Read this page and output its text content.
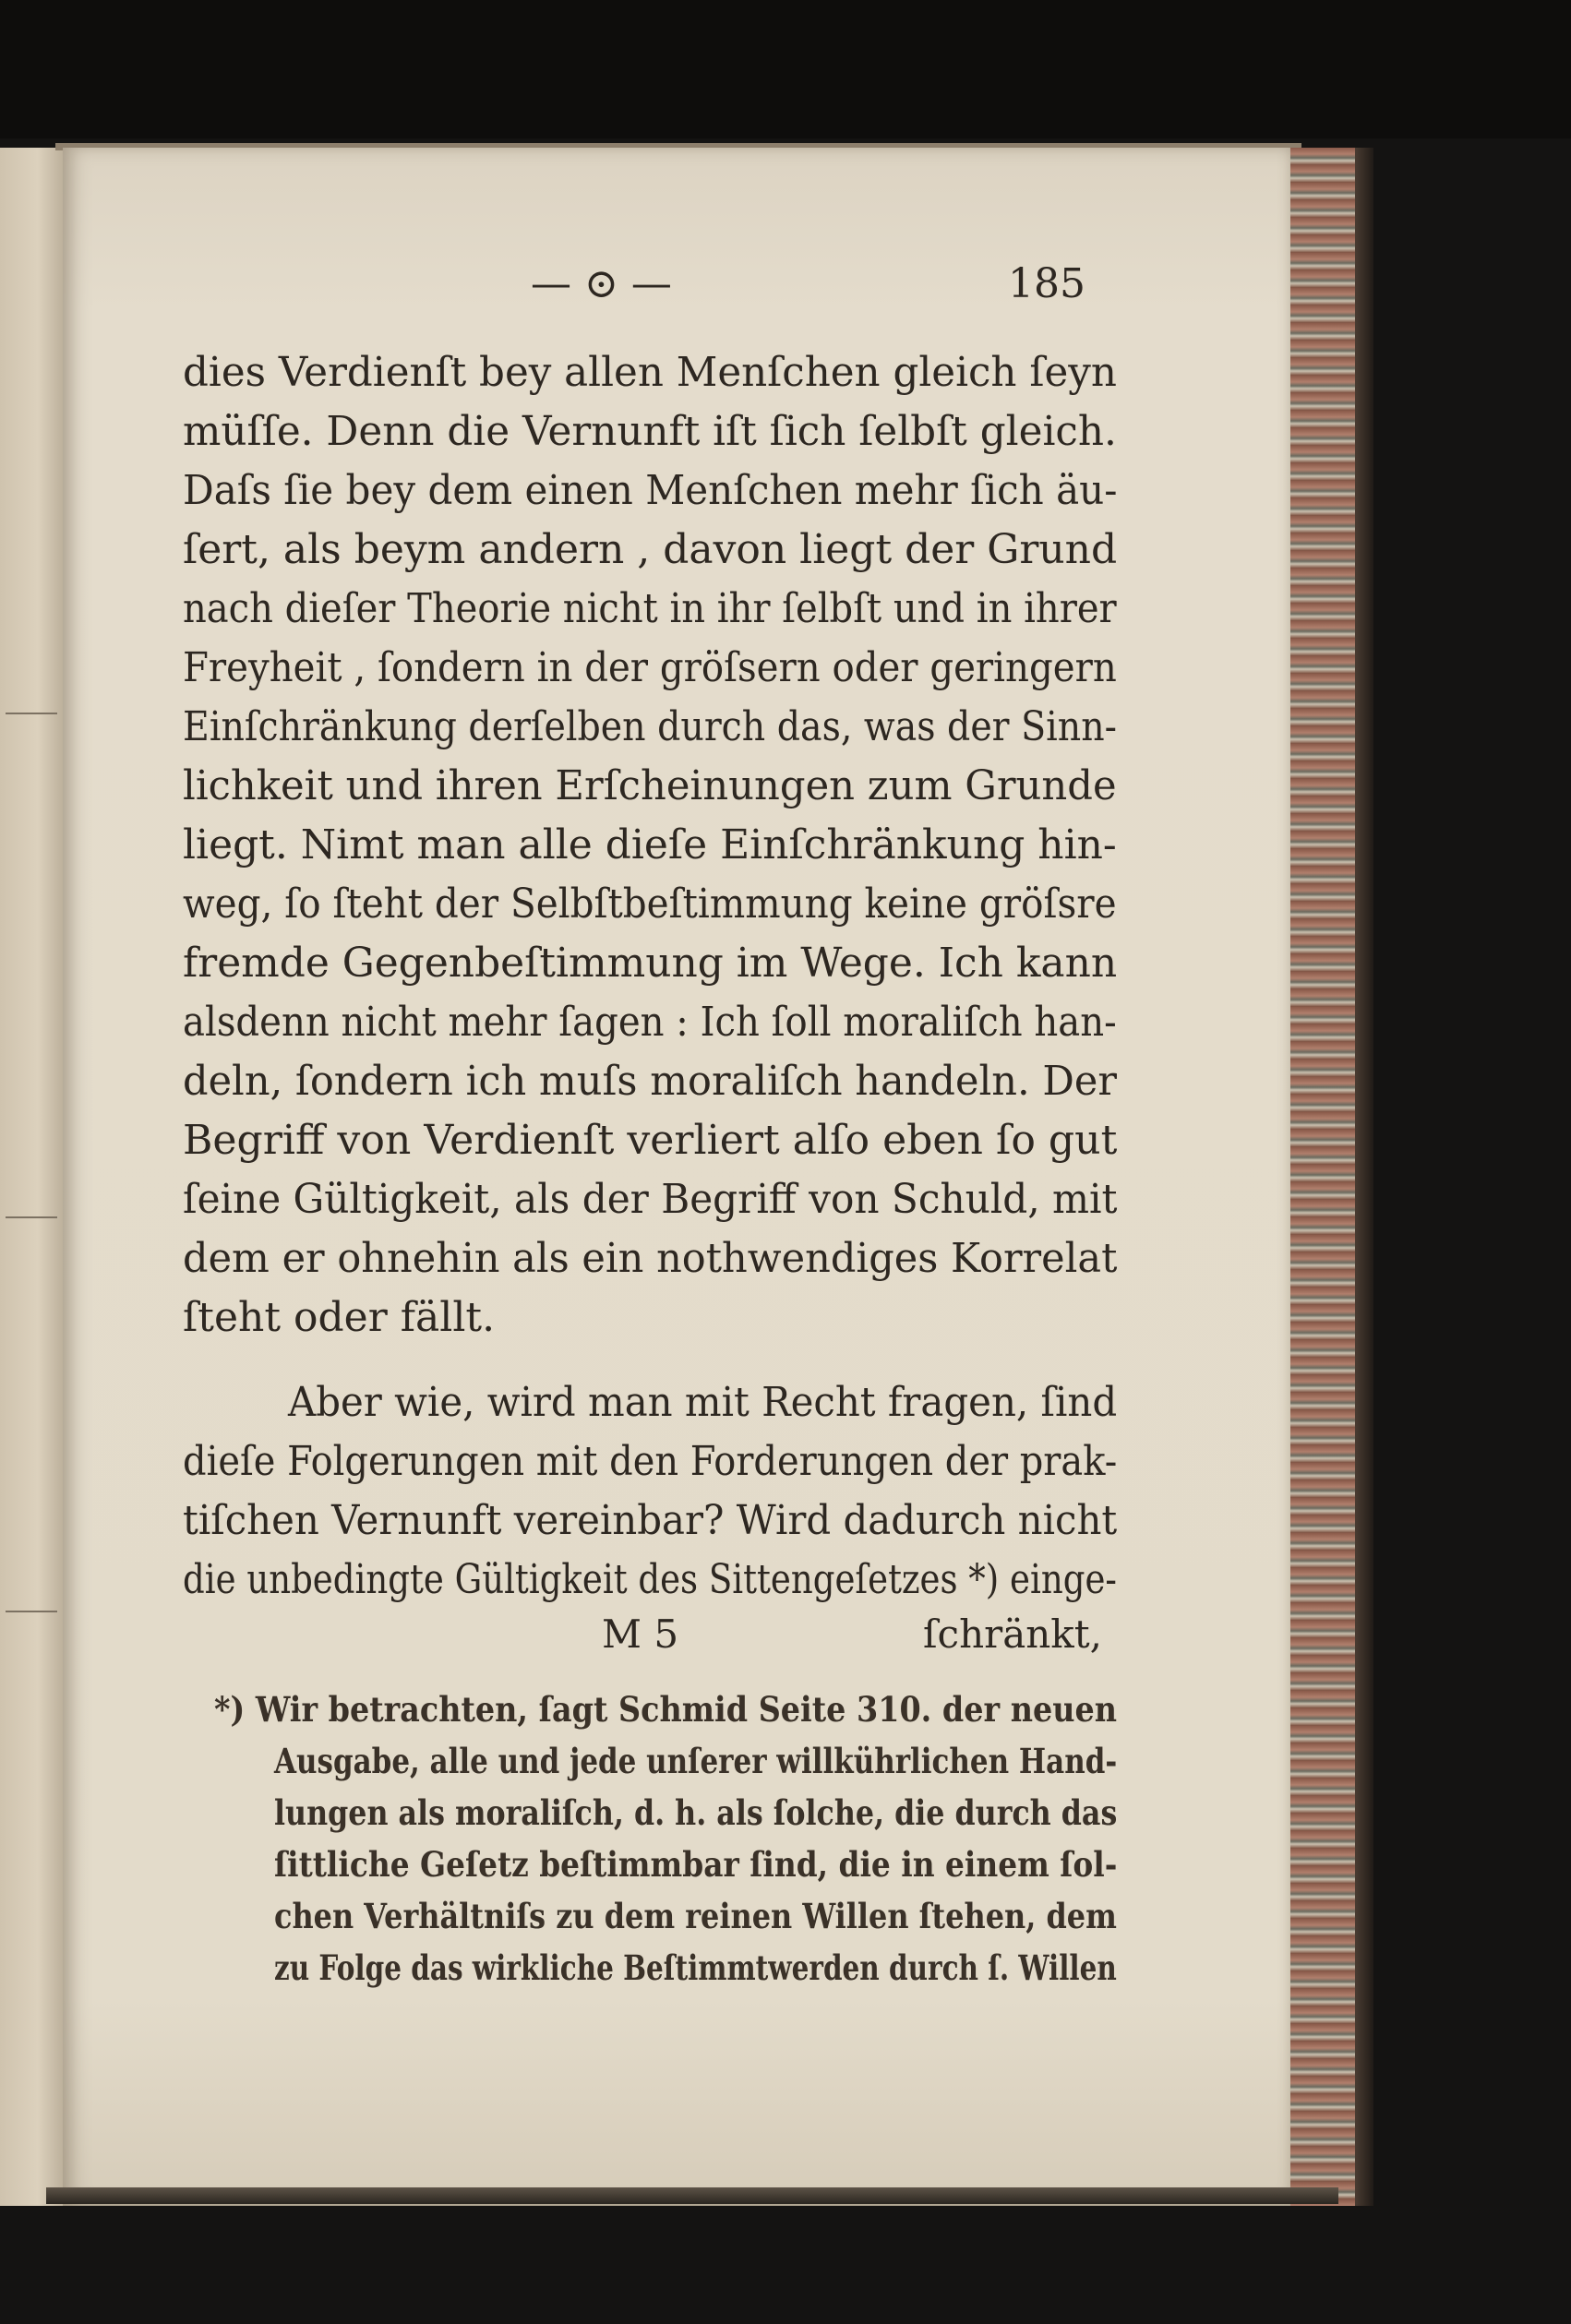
— ⊙ —	185
dies Verdienſt bey allen Menſchen gleich ſeyn
müſſe. Denn die Vernunft iſt ſich ſelbſt gleich.
Daſs ſie bey dem einen Menſchen mehr ſich äu-
ſert, als beym andern , davon liegt der Grund
nach dieſer Theorie nicht in ihr ſelbſt und in ihrer
Freyheit , ſondern in der gröſsern oder geringern
Einſchränkung derſelben durch das, was der Sinn-
lichkeit und ihren Erſcheinungen zum Grunde
liegt. Nimt man alle dieſe Einſchränkung hin-
weg, ſo ſteht der Selbſtbeſtimmung keine gröſsre
fremde Gegenbeſtimmung im Wege. Ich kann
alsdenn nicht mehr ſagen : Ich ſoll moraliſch han-
deln, ſondern ich muſs moraliſch handeln. Der
Begriff von Verdienſt verliert alſo eben ſo gut
ſeine Gültigkeit, als der Begriff von Schuld, mit
dem er ohnehin als ein nothwendiges Korrelat
ſteht oder fällt.
Aber wie, wird man mit Recht fragen, ſind
dieſe Folgerungen mit den Forderungen der prak-
tiſchen Vernunft vereinbar? Wird dadurch nicht
die unbedingte Gültigkeit des Sittengeſetzes *) einge-
M 5	ſchränkt,
*) Wir betrachten, ſagt Schmid Seite 310. der neuen
Ausgabe, alle und jede unſerer willkührlichen Hand-
lungen als moraliſch, d. h. als ſolche, die durch das
ſittliche Geſetz beſtimmbar ſind, die in einem ſol-
chen Verhältniſs zu dem reinen Willen ſtehen, dem
zu Folge das wirkliche Beſtimmtwerden durch ſ. Willen
